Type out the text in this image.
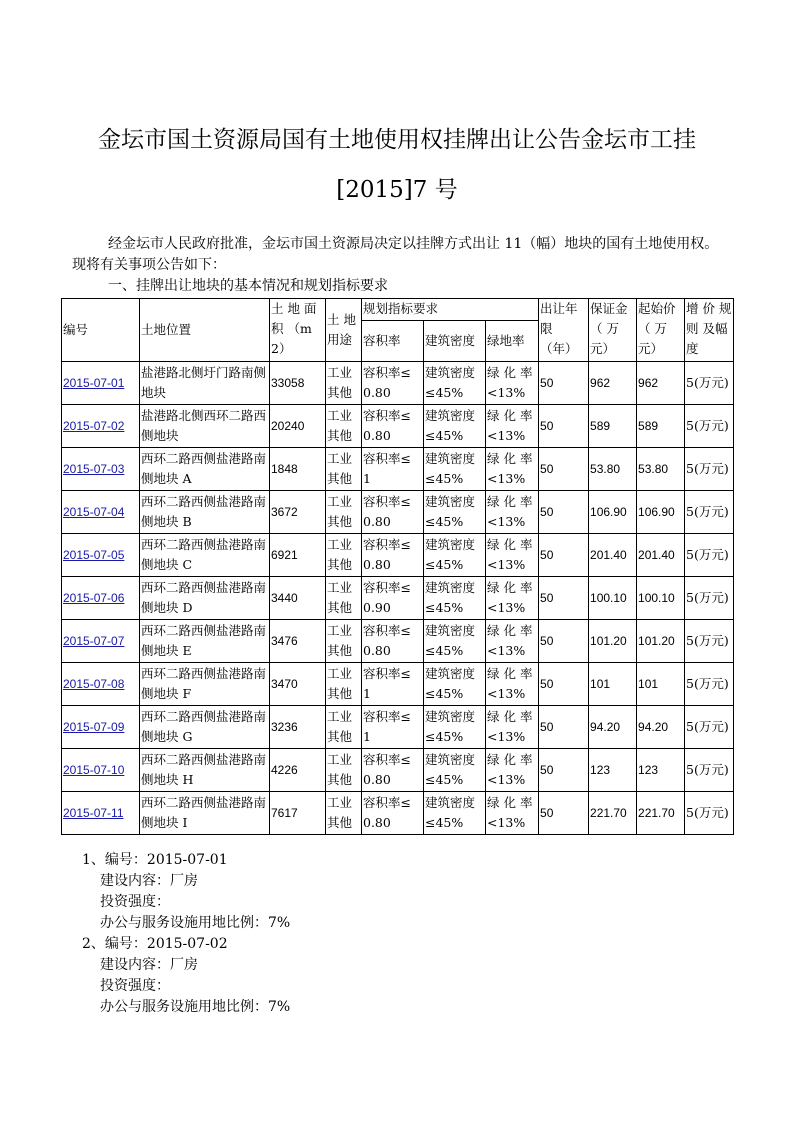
金坛市国土资源局国有土地使用权挂牌出让公告金坛市工挂
[2015]7 号

经金坛市人民政府批准，金坛市国土资源局决定以挂牌方式出让 11（幅）地块的国有土地使用权。现将有关事项公告如下：

一、挂牌出让地块的基本情况和规划指标要求

编号	土地位置	土 地 面积 （m2）	土 地用途	规划指标要求			出让年限 （年）	保证金（ 万元）	起始价（ 万元）	增 价 规则 及幅度
				容积率	建筑密度	绿地率				
2015-07-01	盐港路北侧圩门路南侧地块	33058	工业 其他	容积率≤ 0.80	建筑密度 ≤45%	绿 化 率 <13%	50	962	962	5(万元)
2015-07-02	盐港路北侧西环二路西侧地块	20240	工业 其他	容积率≤ 0.80	建筑密度 ≤45%	绿 化 率 <13%	50	589	589	5(万元)
2015-07-03	西环二路西侧盐港路南侧地块 A	1848	工业 其他	容积率≤ 1	建筑密度 ≤45%	绿 化 率 <13%	50	53.80	53.80	5(万元)
2015-07-04	西环二路西侧盐港路南侧地块 B	3672	工业 其他	容积率≤ 0.80	建筑密度 ≤45%	绿 化 率 <13%	50	106.90	106.90	5(万元)
2015-07-05	西环二路西侧盐港路南侧地块 C	6921	工业 其他	容积率≤ 0.80	建筑密度 ≤45%	绿 化 率 <13%	50	201.40	201.40	5(万元)
2015-07-06	西环二路西侧盐港路南侧地块 D	3440	工业 其他	容积率≤ 0.90	建筑密度 ≤45%	绿 化 率 <13%	50	100.10	100.10	5(万元)
2015-07-07	西环二路西侧盐港路南侧地块 E	3476	工业 其他	容积率≤ 0.80	建筑密度 ≤45%	绿 化 率 <13%	50	101.20	101.20	5(万元)
2015-07-08	西环二路西侧盐港路南侧地块 F	3470	工业 其他	容积率≤ 1	建筑密度 ≤45%	绿 化 率 <13%	50	101	101	5(万元)
2015-07-09	西环二路西侧盐港路南侧地块 G	3236	工业 其他	容积率≤ 1	建筑密度 ≤45%	绿 化 率 <13%	50	94.20	94.20	5(万元)
2015-07-10	西环二路西侧盐港路南侧地块 H	4226	工业 其他	容积率≤ 0.80	建筑密度 ≤45%	绿 化 率 <13%	50	123	123	5(万元)
2015-07-11	西环二路西侧盐港路南侧地块 I	7617	工业 其他	容积率≤ 0.80	建筑密度 ≤45%	绿 化 率 <13%	50	221.70	221.70	5(万元)
1、编号：2015-07-01
建设内容：厂房
投资强度：
办公与服务设施用地比例：7%
2、编号：2015-07-02
建设内容：厂房
投资强度：
办公与服务设施用地比例：7%
